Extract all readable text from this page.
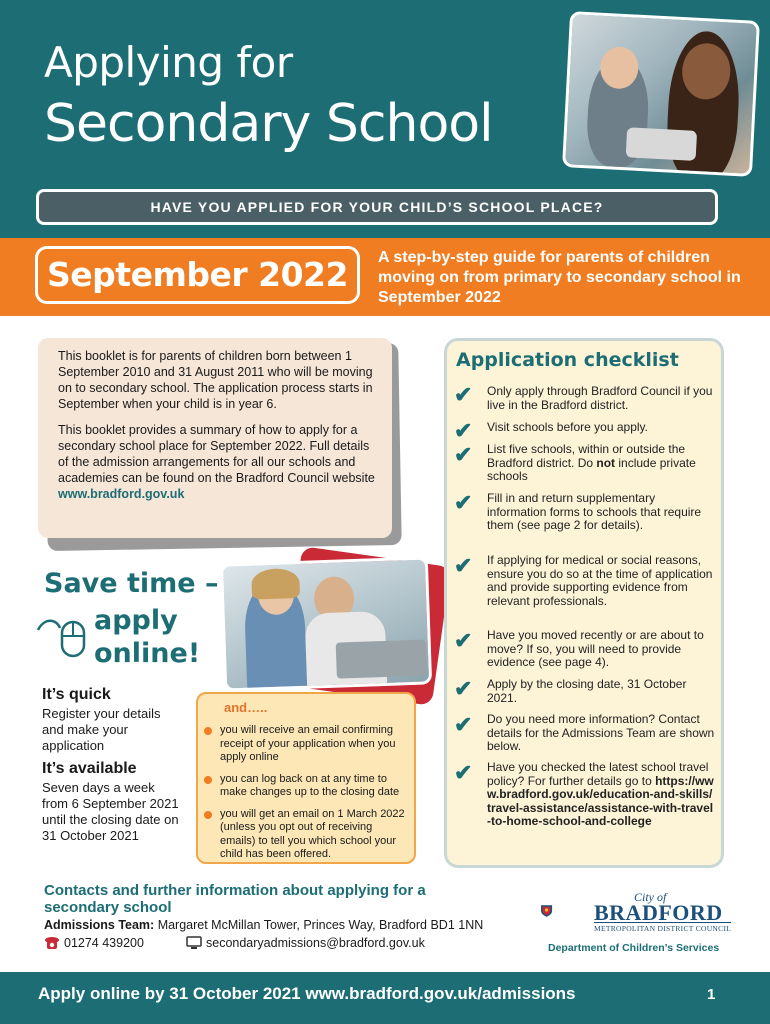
Applying for
Secondary School
HAVE YOU APPLIED FOR YOUR CHILD’S SCHOOL PLACE?
September 2022	A step-by-step guide for parents of children moving on from primary to secondary school in September 2022

This booklet is for parents of children born between 1 September 2010 and 31 August 2011 who will be moving on to secondary school. The application process starts in September when your child is in year 6.

This booklet provides a summary of how to apply for a secondary school place for September 2022. Full details of the admission arrangements for all our schools and academies can be found on the Bradford Council website www.bradford.gov.uk

Save time –
apply
online!
It’s quick
Register your details and make your application
It’s available
Seven days a week from 6 September 2021 until the closing date on 31 October 2021
you will receive an email confirming receipt of your application when you apply online
you can log back on at any time to make changes up to the closing date
you will get an email on 1 March 2022 (unless you opt out of receiving emails) to tell you which school your child has been offered.
and…..
Application checklist
✔	Only apply through Bradford Council if you live in the Bradford district.
✔	Visit schools before you apply.
✔	List five schools, within or outside the Bradford district. Do not include private schools
✔	Fill in and return supplementary information forms to schools that require them (see page 2 for details).
✔	If applying for medical or social reasons, ensure you do so at the time of application and provide supporting evidence from relevant professionals.
✔	Have you moved recently or are about to move? If so, you will need to provide evidence (see page 4).
✔	Apply by the closing date, 31 October 2021.
✔	Do you need more information? Contact details for the Admissions Team are shown below.
✔	Have you checked the latest school travel policy? For further details go to https://www.bradford.gov.uk/education-and-skills/travel-assistance/assistance-with-travel-to-home-school-and-college
Contacts and further information about applying for a secondary school
Admissions Team: Margaret McMillan Tower, Princes Way, Bradford BD1 1NN
01274 439200	secondaryadmissions@bradford.gov.uk
City of
BRADFORD
METROPOLITAN DISTRICT COUNCIL
Department of Children’s Services
Apply online by 31 October 2021 www.bradford.gov.uk/admissions	1
